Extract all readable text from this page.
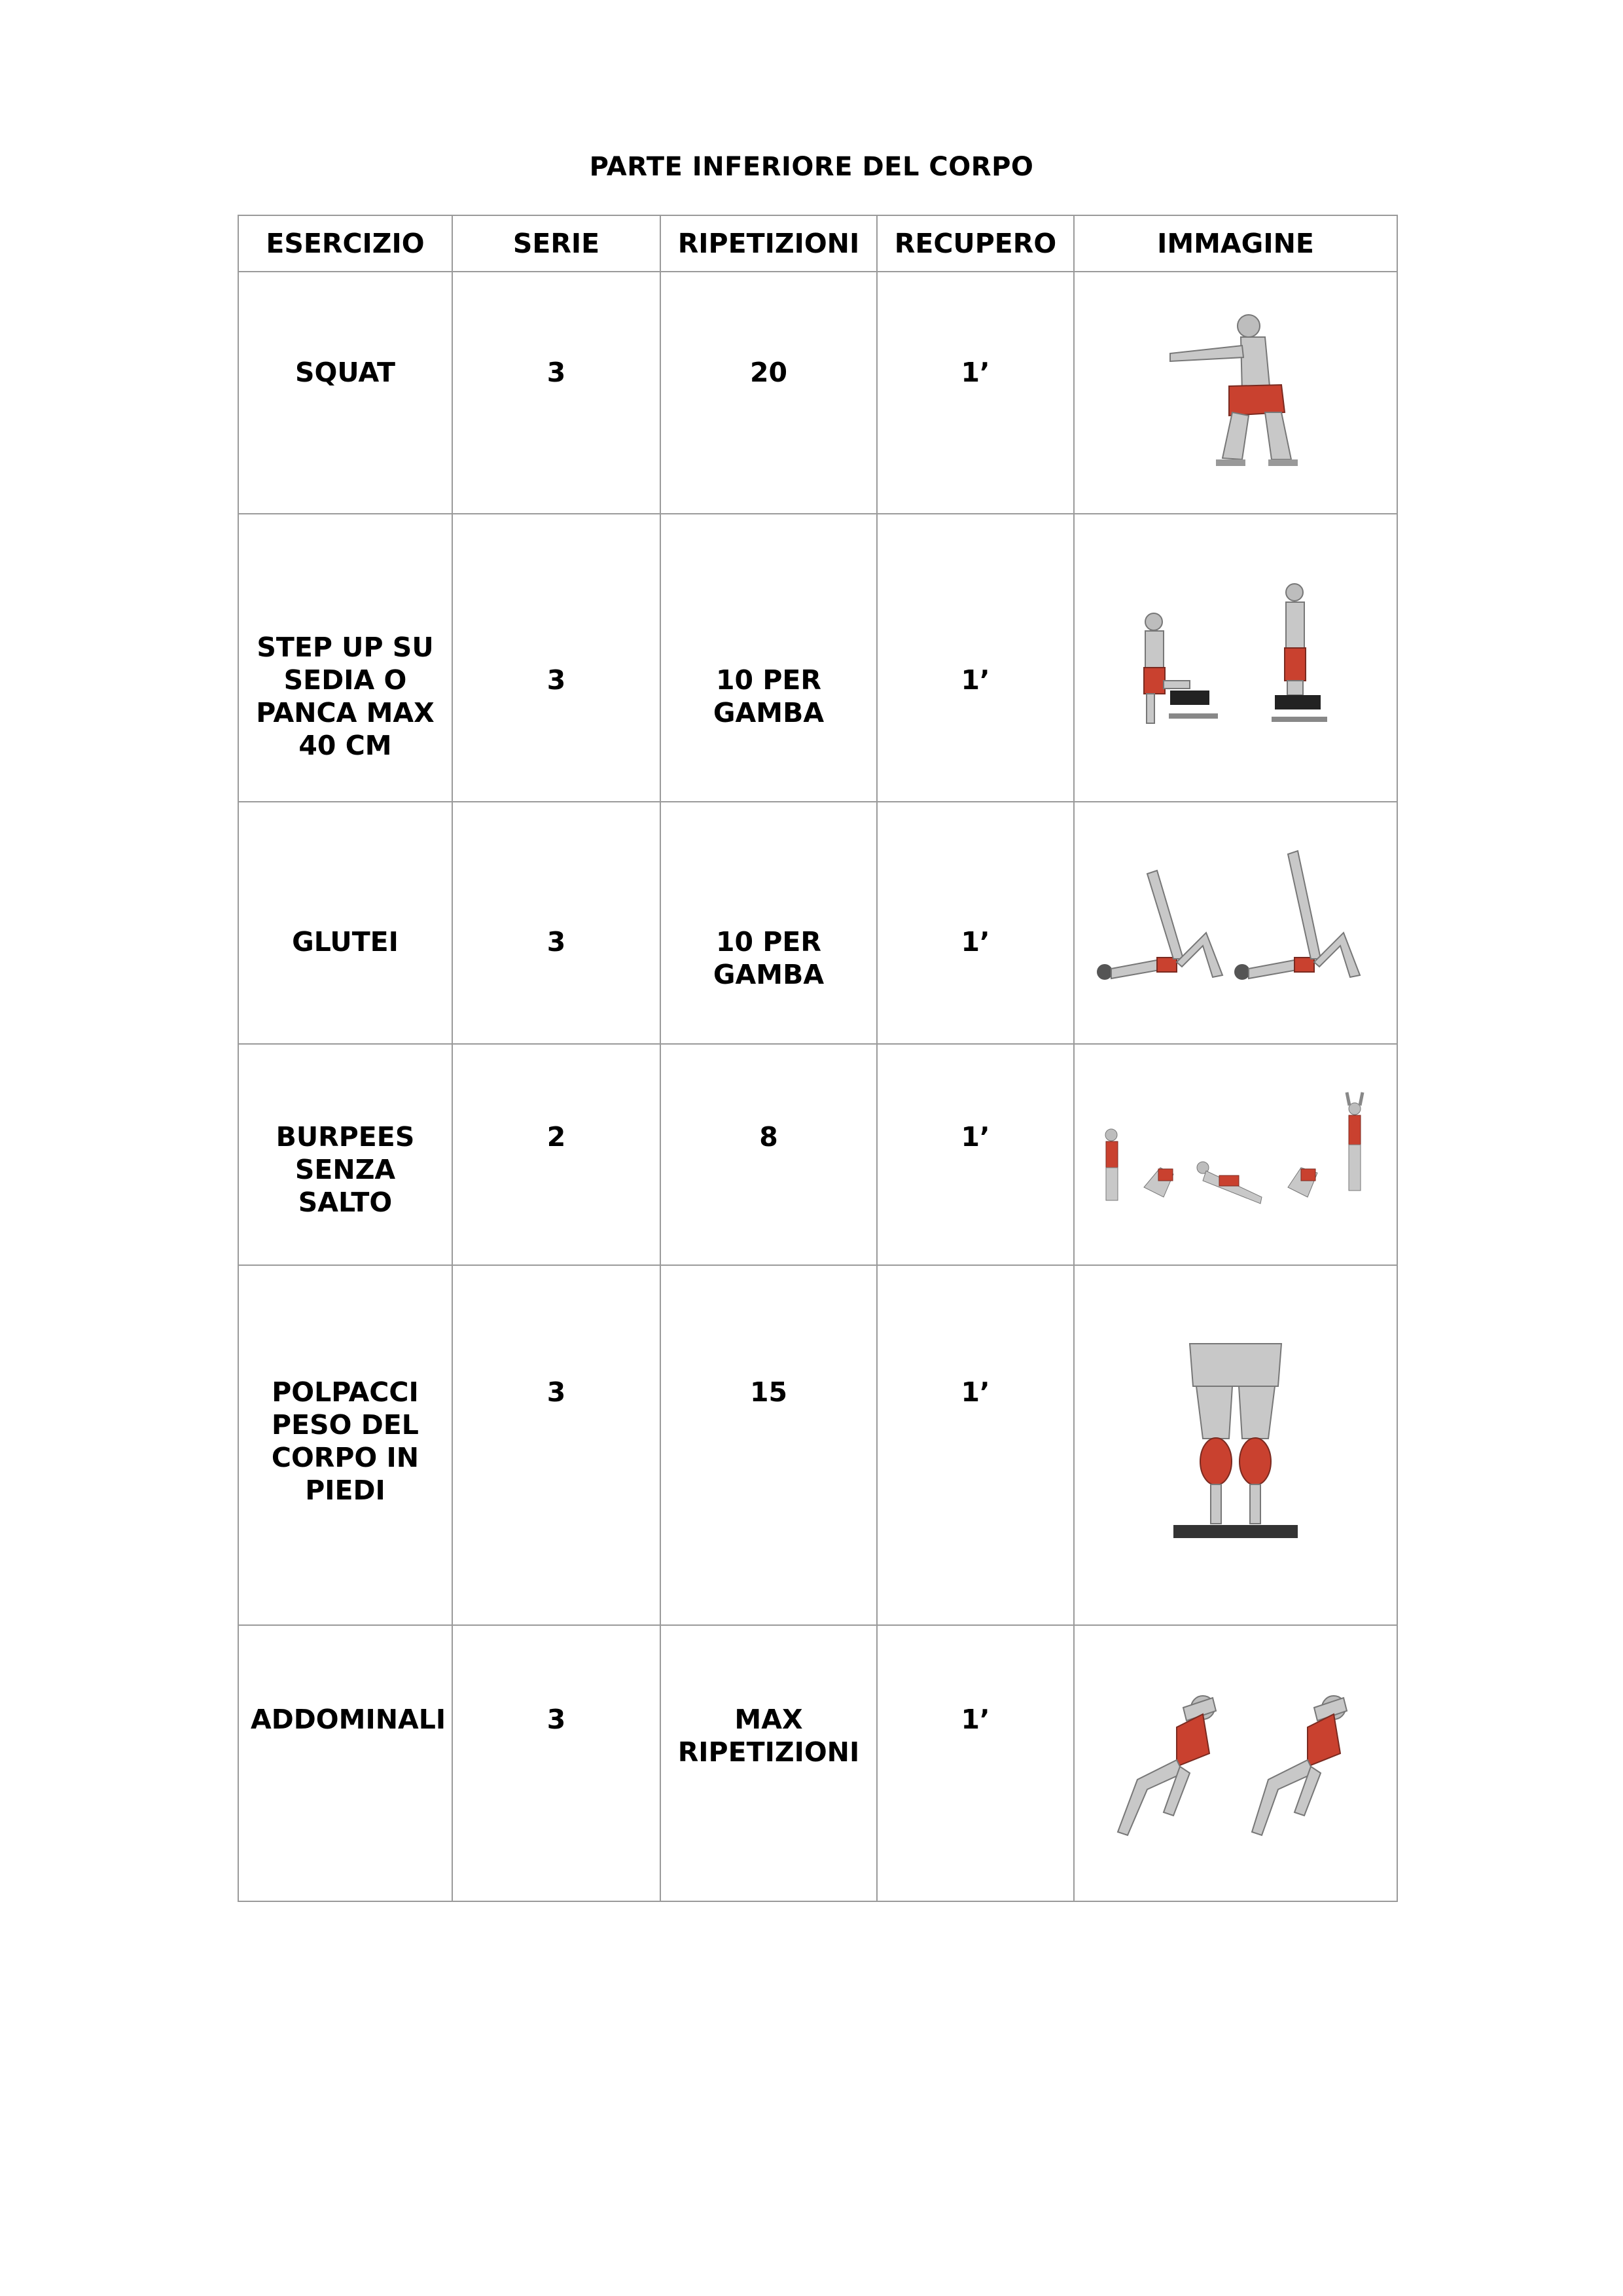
PARTE INFERIORE DEL CORPO
ESERCIZIO	SERIE	RIPETIZIONI	RECUPERO	IMMAGINE

SQUAT	3	20	1’

STEP UP SU SEDIA O PANCA MAX 40 CM	3	10 PER GAMBA	1’

GLUTEI	3	10 PER GAMBA	1’

BURPEES SENZA SALTO	2	8	1’

POLPACCI PESO DEL CORPO IN PIEDI	3	15	1’

ADDOMINALI	3	MAX RIPETIZIONI	1’
